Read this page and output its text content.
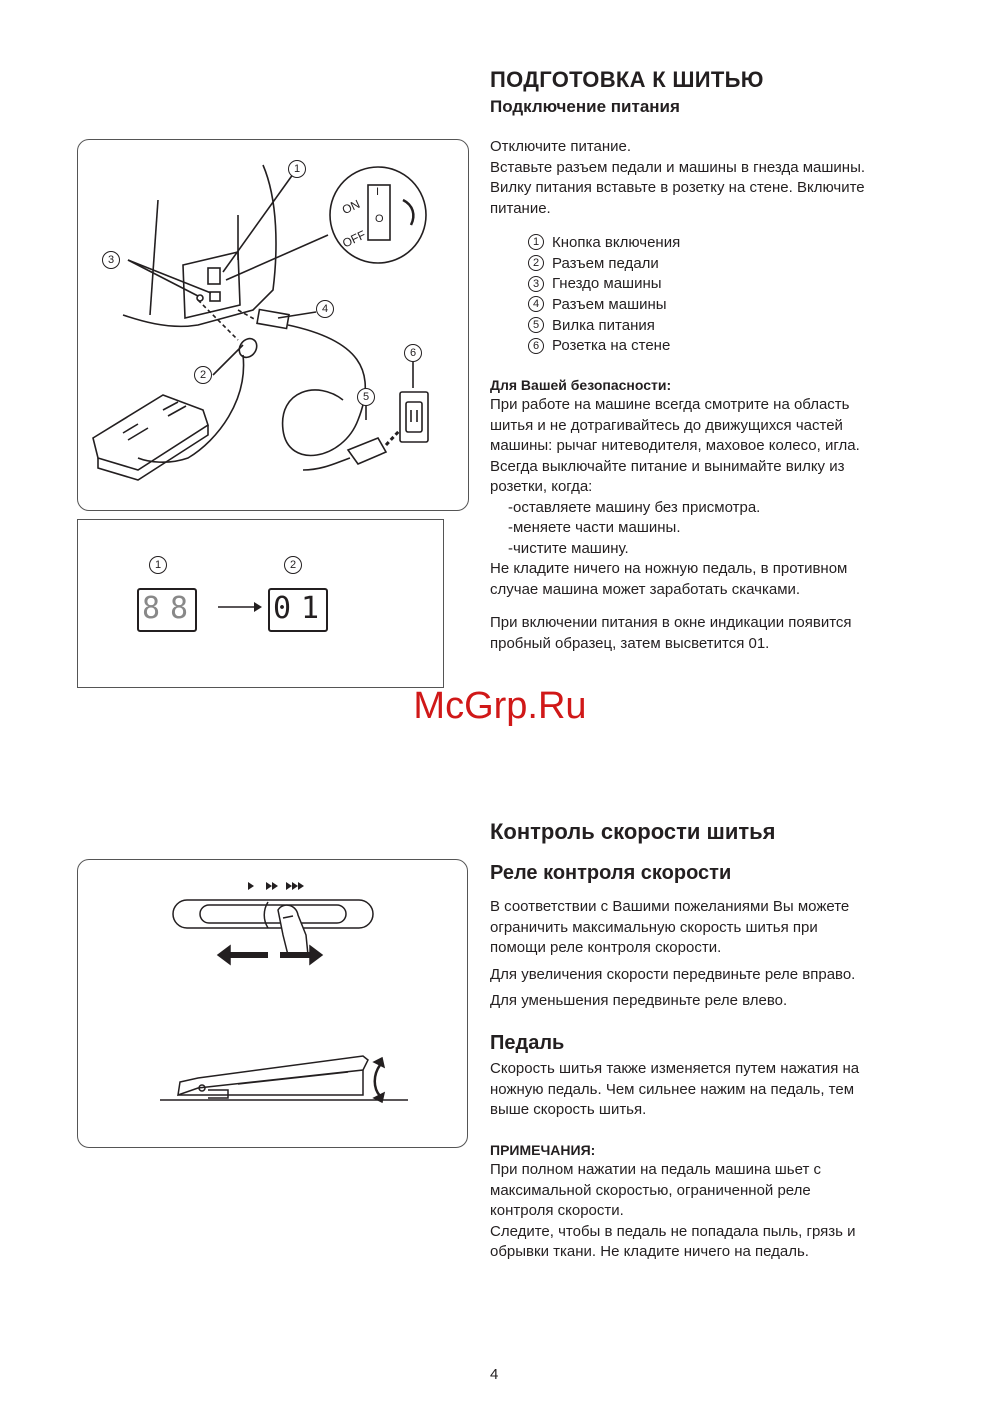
ПОДГОТОВКА К ШИТЬЮ
Подключение питания

Отключите питание.

Вставьте разъем педали и машины в гнезда машины.

Вилку питания вставьте в розетку на стене. Включите

питание.

1 Кнопка включения
2 Разъем педали
3 Гнездо машины
4 Разъем машины
5 Вилка питания
6 Розетка на стене

Для Вашей безопасности:

При работе на машине всегда смотрите на область

шитья и не дотрагивайтесь до движущихся частей

машины: рычаг нитеводителя, маховое колесо, игла.

Всегда выключайте питание и вынимайте вилку из

розетки, когда:

-оставляете машину без присмотра.

-меняете части машины.

-чистите машину.

Не кладите ничего на ножную педаль, в противном

случае машина может заработать скачками.

При включении питания в окне индикации появится

пробный образец, затем высветится 01.

1
2
3
4
5
6
ON
OFF
I
O
1	2
88 01
McGrp.Ru
Контроль скорости шитья
Реле контроля скорости

В соответствии с Вашими пожеланиями Вы можете

ограничить максимальную скорость шитья при

помощи реле контроля скорости.

Для увеличения скорости передвиньте реле вправо.

Для уменьшения передвиньте реле влево.

Педаль

Скорость шитья также изменяется путем нажатия на

ножную педаль. Чем сильнее нажим на педаль, тем

выше скорость шитья.

ПРИМЕЧАНИЯ:

При полном нажатии на педаль машина шьет с

максимальной скоростью, ограниченной реле

контроля скорости.

Следите, чтобы в педаль не попадала пыль, грязь и

обрывки ткани. Не кладите ничего на педаль.

4
